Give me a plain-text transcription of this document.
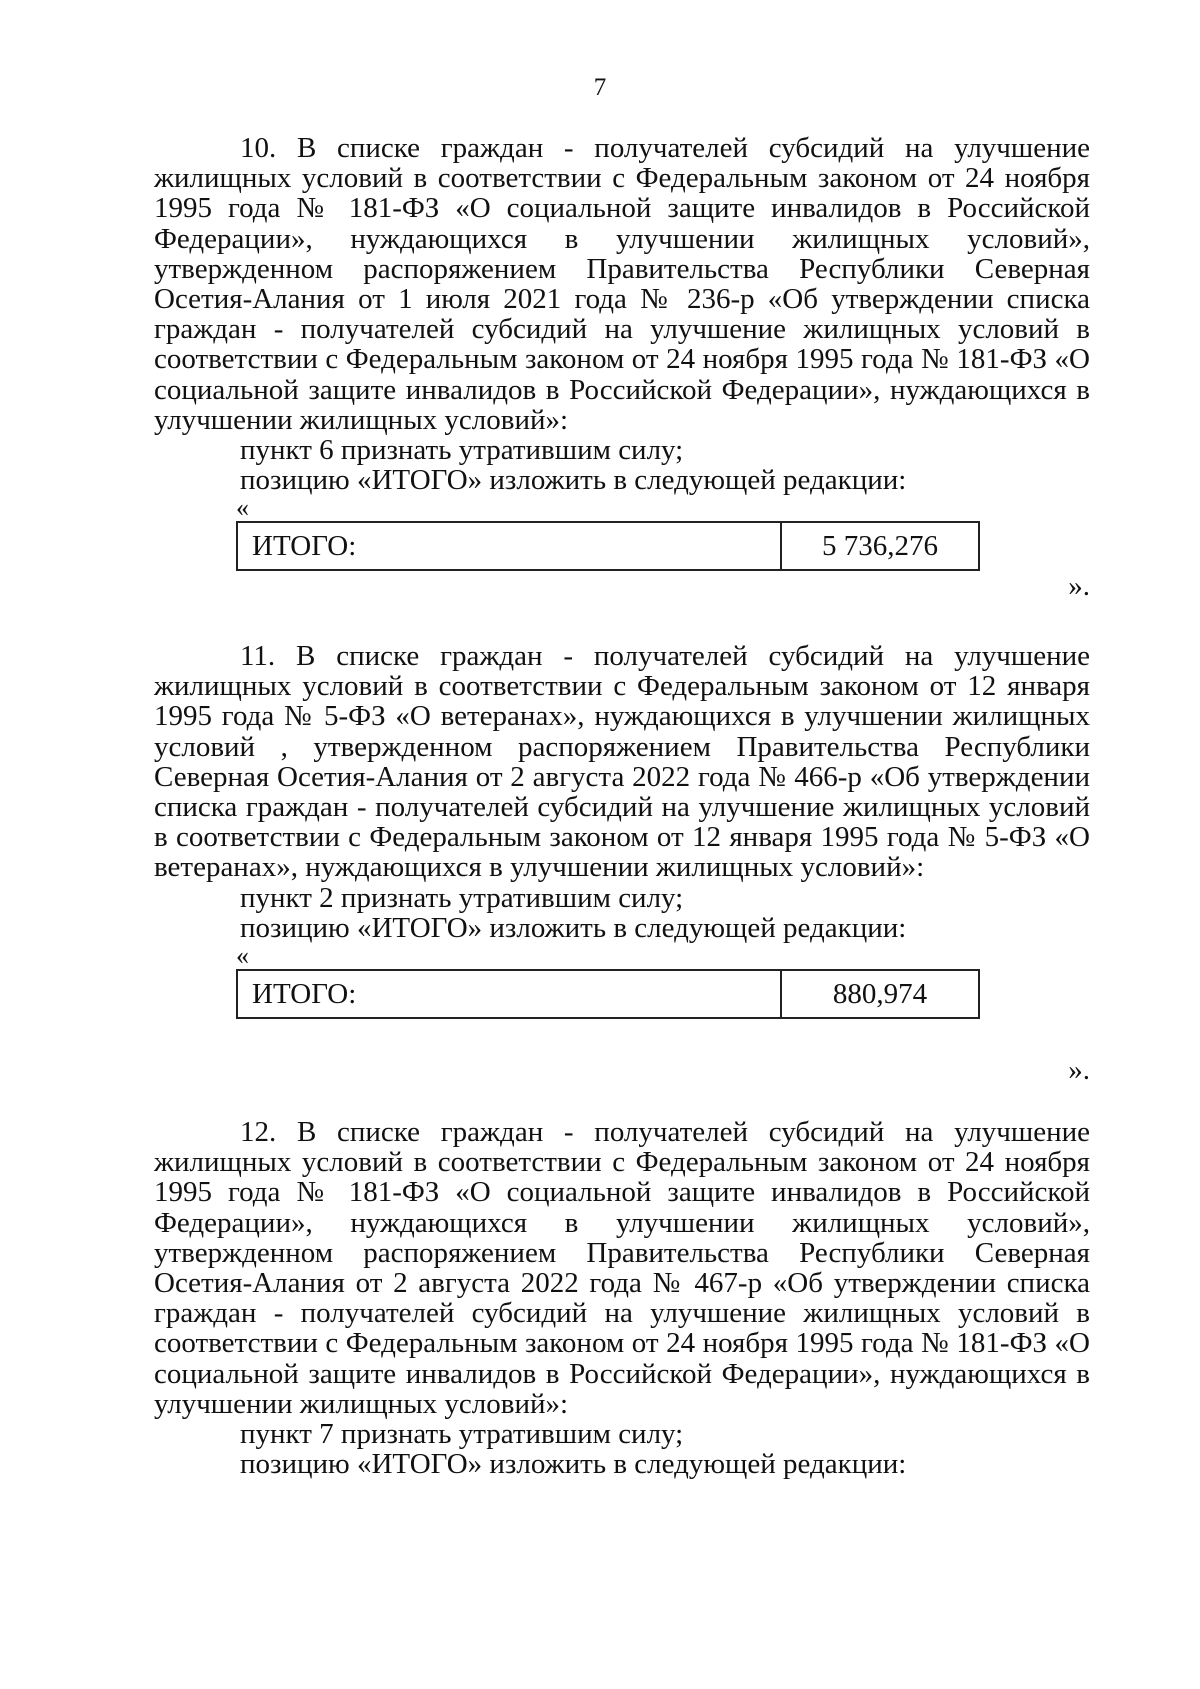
7

10. В списке граждан - получателей субсидий на улучшение жилищных условий в соответствии с Федеральным законом от 24 ноября 1995 года № 181-ФЗ «О социальной защите инвалидов в Российской Федерации», нуждающихся в улучшении жилищных условий», утвержденном распоряжением Правительства Республики Северная Осетия-Алания от 1 июля 2021 года № 236-р «Об утверждении списка граждан - получателей субсидий на улучшение жилищных условий в соответствии с Федеральным законом от 24 ноября 1995 года № 181-ФЗ «О социальной защите инвалидов в Российской Федерации», нуждающихся в улучшении жилищных условий»:

пункт 6 признать утратившим силу;

позицию «ИТОГО» изложить в следующей редакции:

«

ИТОГО:	5 736,276

».

11. В списке граждан - получателей субсидий на улучшение жилищных условий в соответствии с Федеральным законом от 12 января 1995 года № 5-ФЗ «О ветеранах», нуждающихся в улучшении жилищных условий , утвержденном распоряжением Правительства Республики Северная Осетия-Алания от 2 августа 2022 года № 466-р «Об утверждении списка граждан - получателей субсидий на улучшение жилищных условий в соответствии с Федеральным законом от 12 января 1995 года № 5-ФЗ «О ветеранах», нуждающихся в улучшении жилищных условий»:

пункт 2 признать утратившим силу;

позицию «ИТОГО» изложить в следующей редакции:

«

ИТОГО:	880,974

».

12. В списке граждан - получателей субсидий на улучшение жилищных условий в соответствии с Федеральным законом от 24 ноября 1995 года № 181-ФЗ «О социальной защите инвалидов в Российской Федерации», нуждающихся в улучшении жилищных условий», утвержденном распоряжением Правительства Республики Северная Осетия-Алания от 2 августа 2022 года № 467-р «Об утверждении списка граждан - получателей субсидий на улучшение жилищных условий в соответствии с Федеральным законом от 24 ноября 1995 года № 181-ФЗ «О социальной защите инвалидов в Российской Федерации», нуждающихся в улучшении жилищных условий»:

пункт 7 признать утратившим силу;

позицию «ИТОГО» изложить в следующей редакции:
